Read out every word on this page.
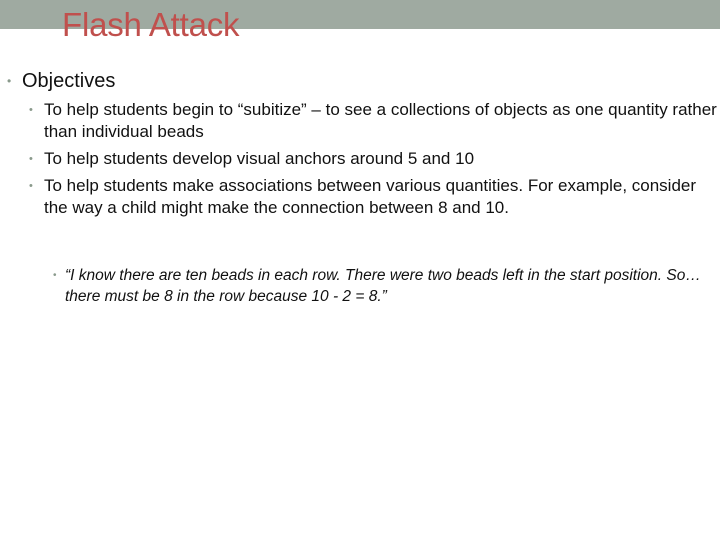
Flash Attack
• Objectives
• To help students begin to “subitize” – to see a collections of objects as one quantity rather than individual beads
• To help students develop visual anchors around 5 and 10
• To help students make associations between various quantities. For example, consider the way a child might make the connection between 8 and 10.
• “I know there are ten beads in each row. There were two beads left in the start position. So… there must be 8 in the row because 10 - 2 = 8.”
